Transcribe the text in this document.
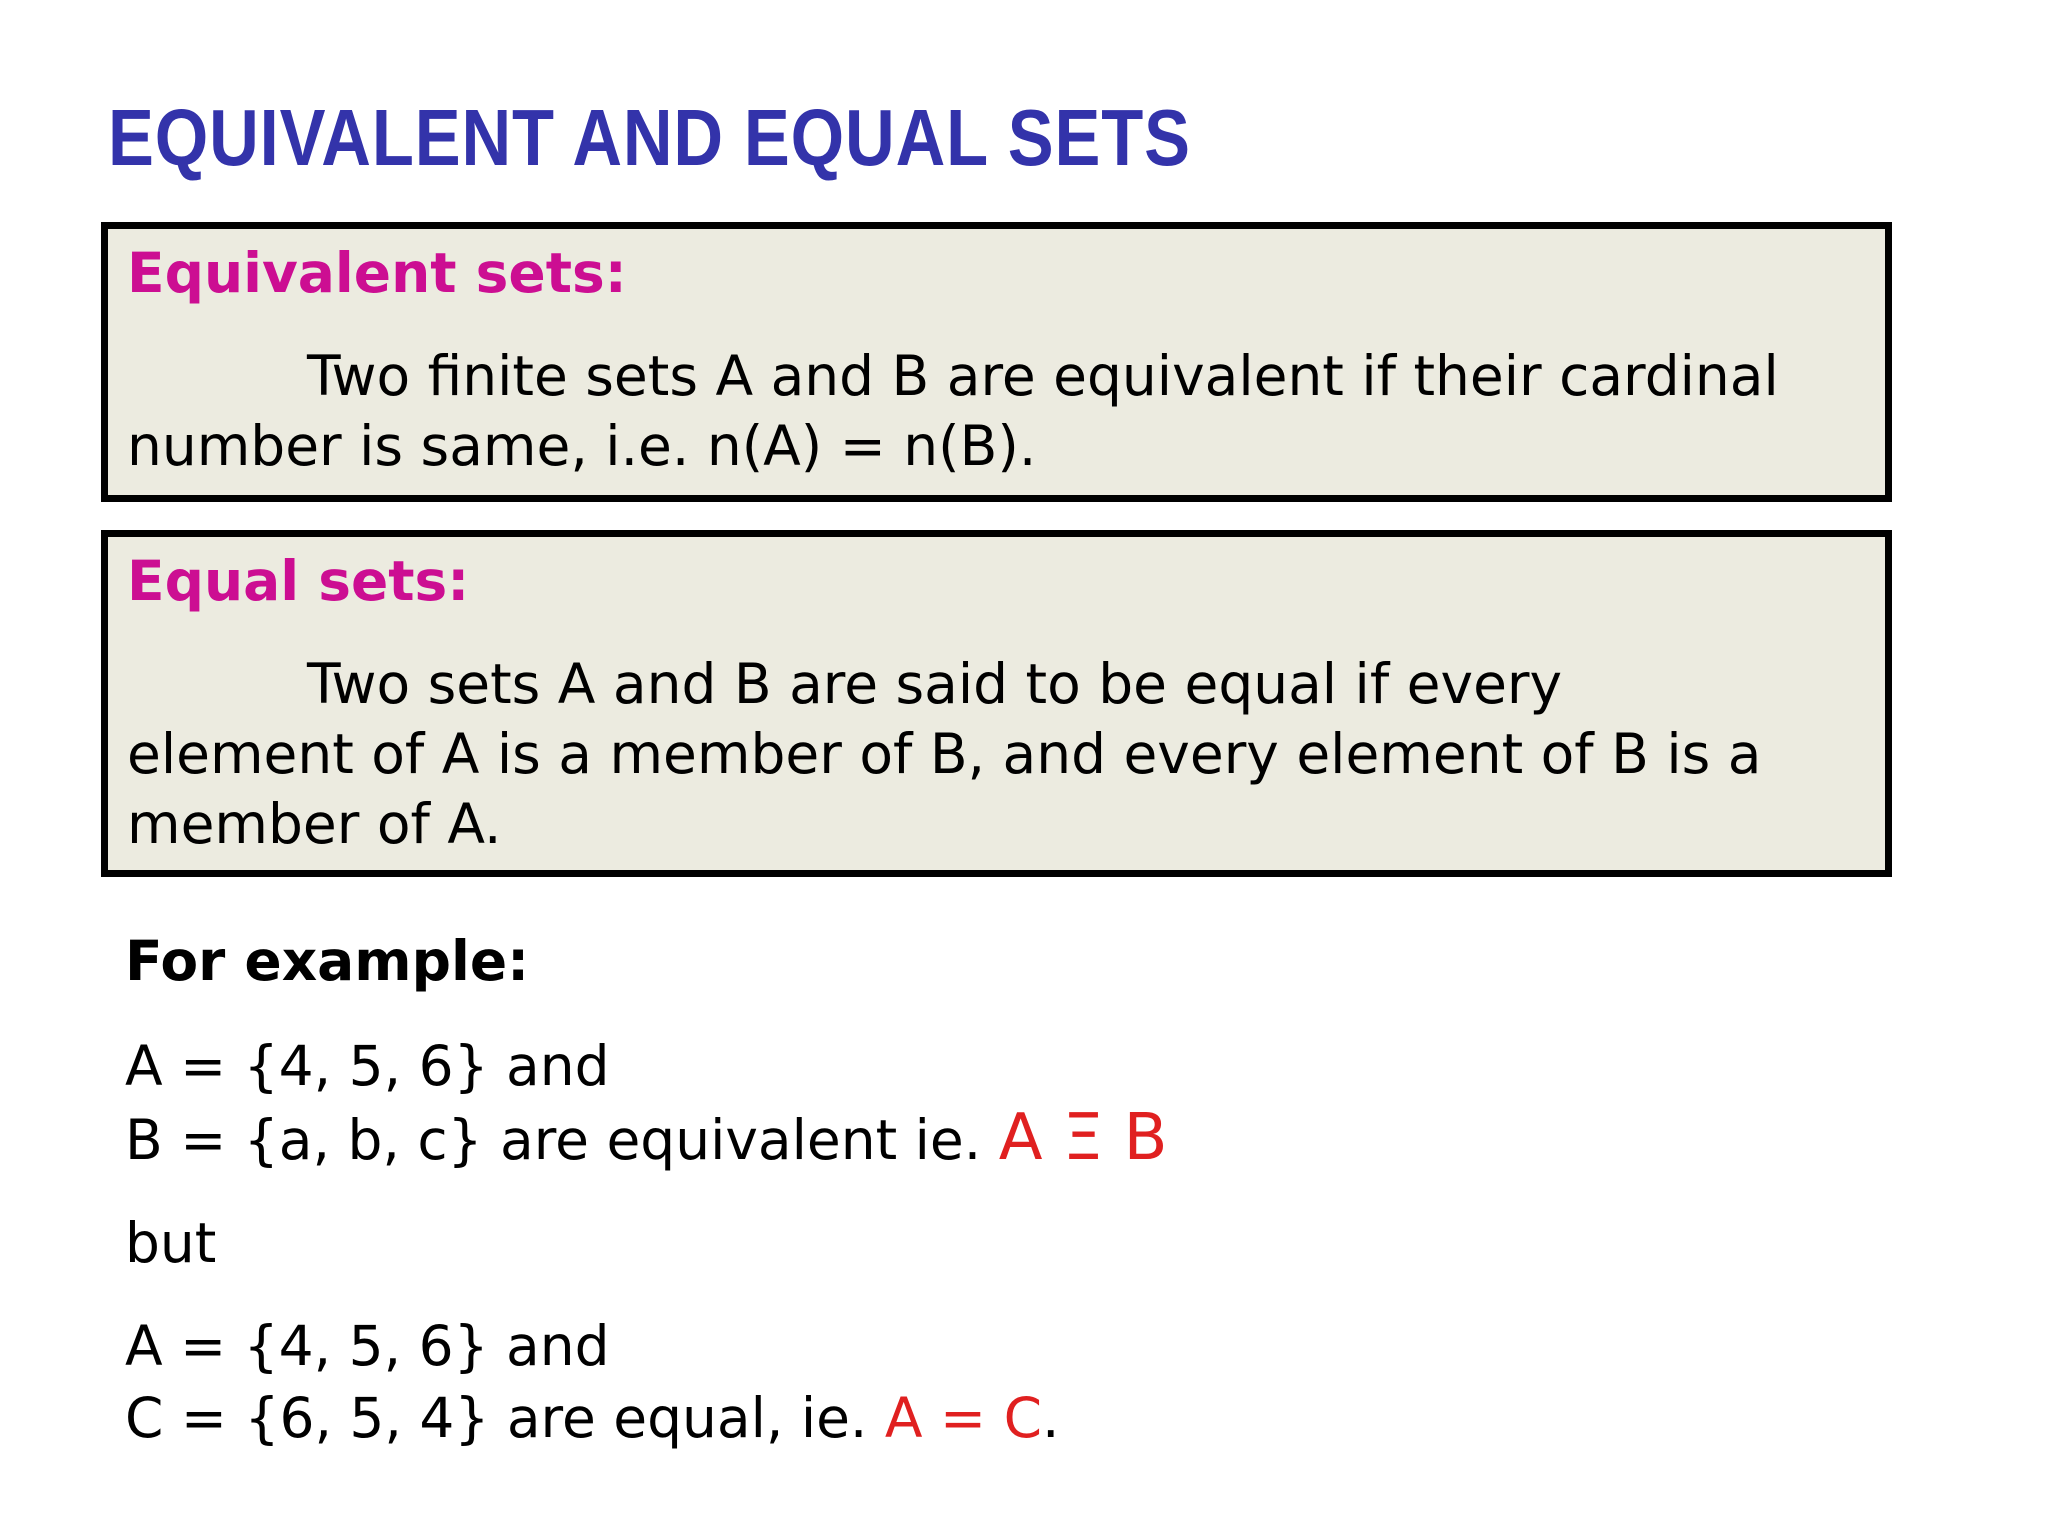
EQUIVALENT AND EQUAL SETS
Equivalent sets:
Two finite sets A and B are equivalent if their cardinal
number is same, i.e. n(A) = n(B).
Equal sets:
Two sets A and B are said to be equal if every
element of A is a member of B, and every element of B is a
member of A.
For example:
A = {4, 5, 6} and
B = {a, b, c} are equivalent ie. A Ξ B
but
A = {4, 5, 6} and
C = {6, 5, 4} are equal, ie. A = C.
